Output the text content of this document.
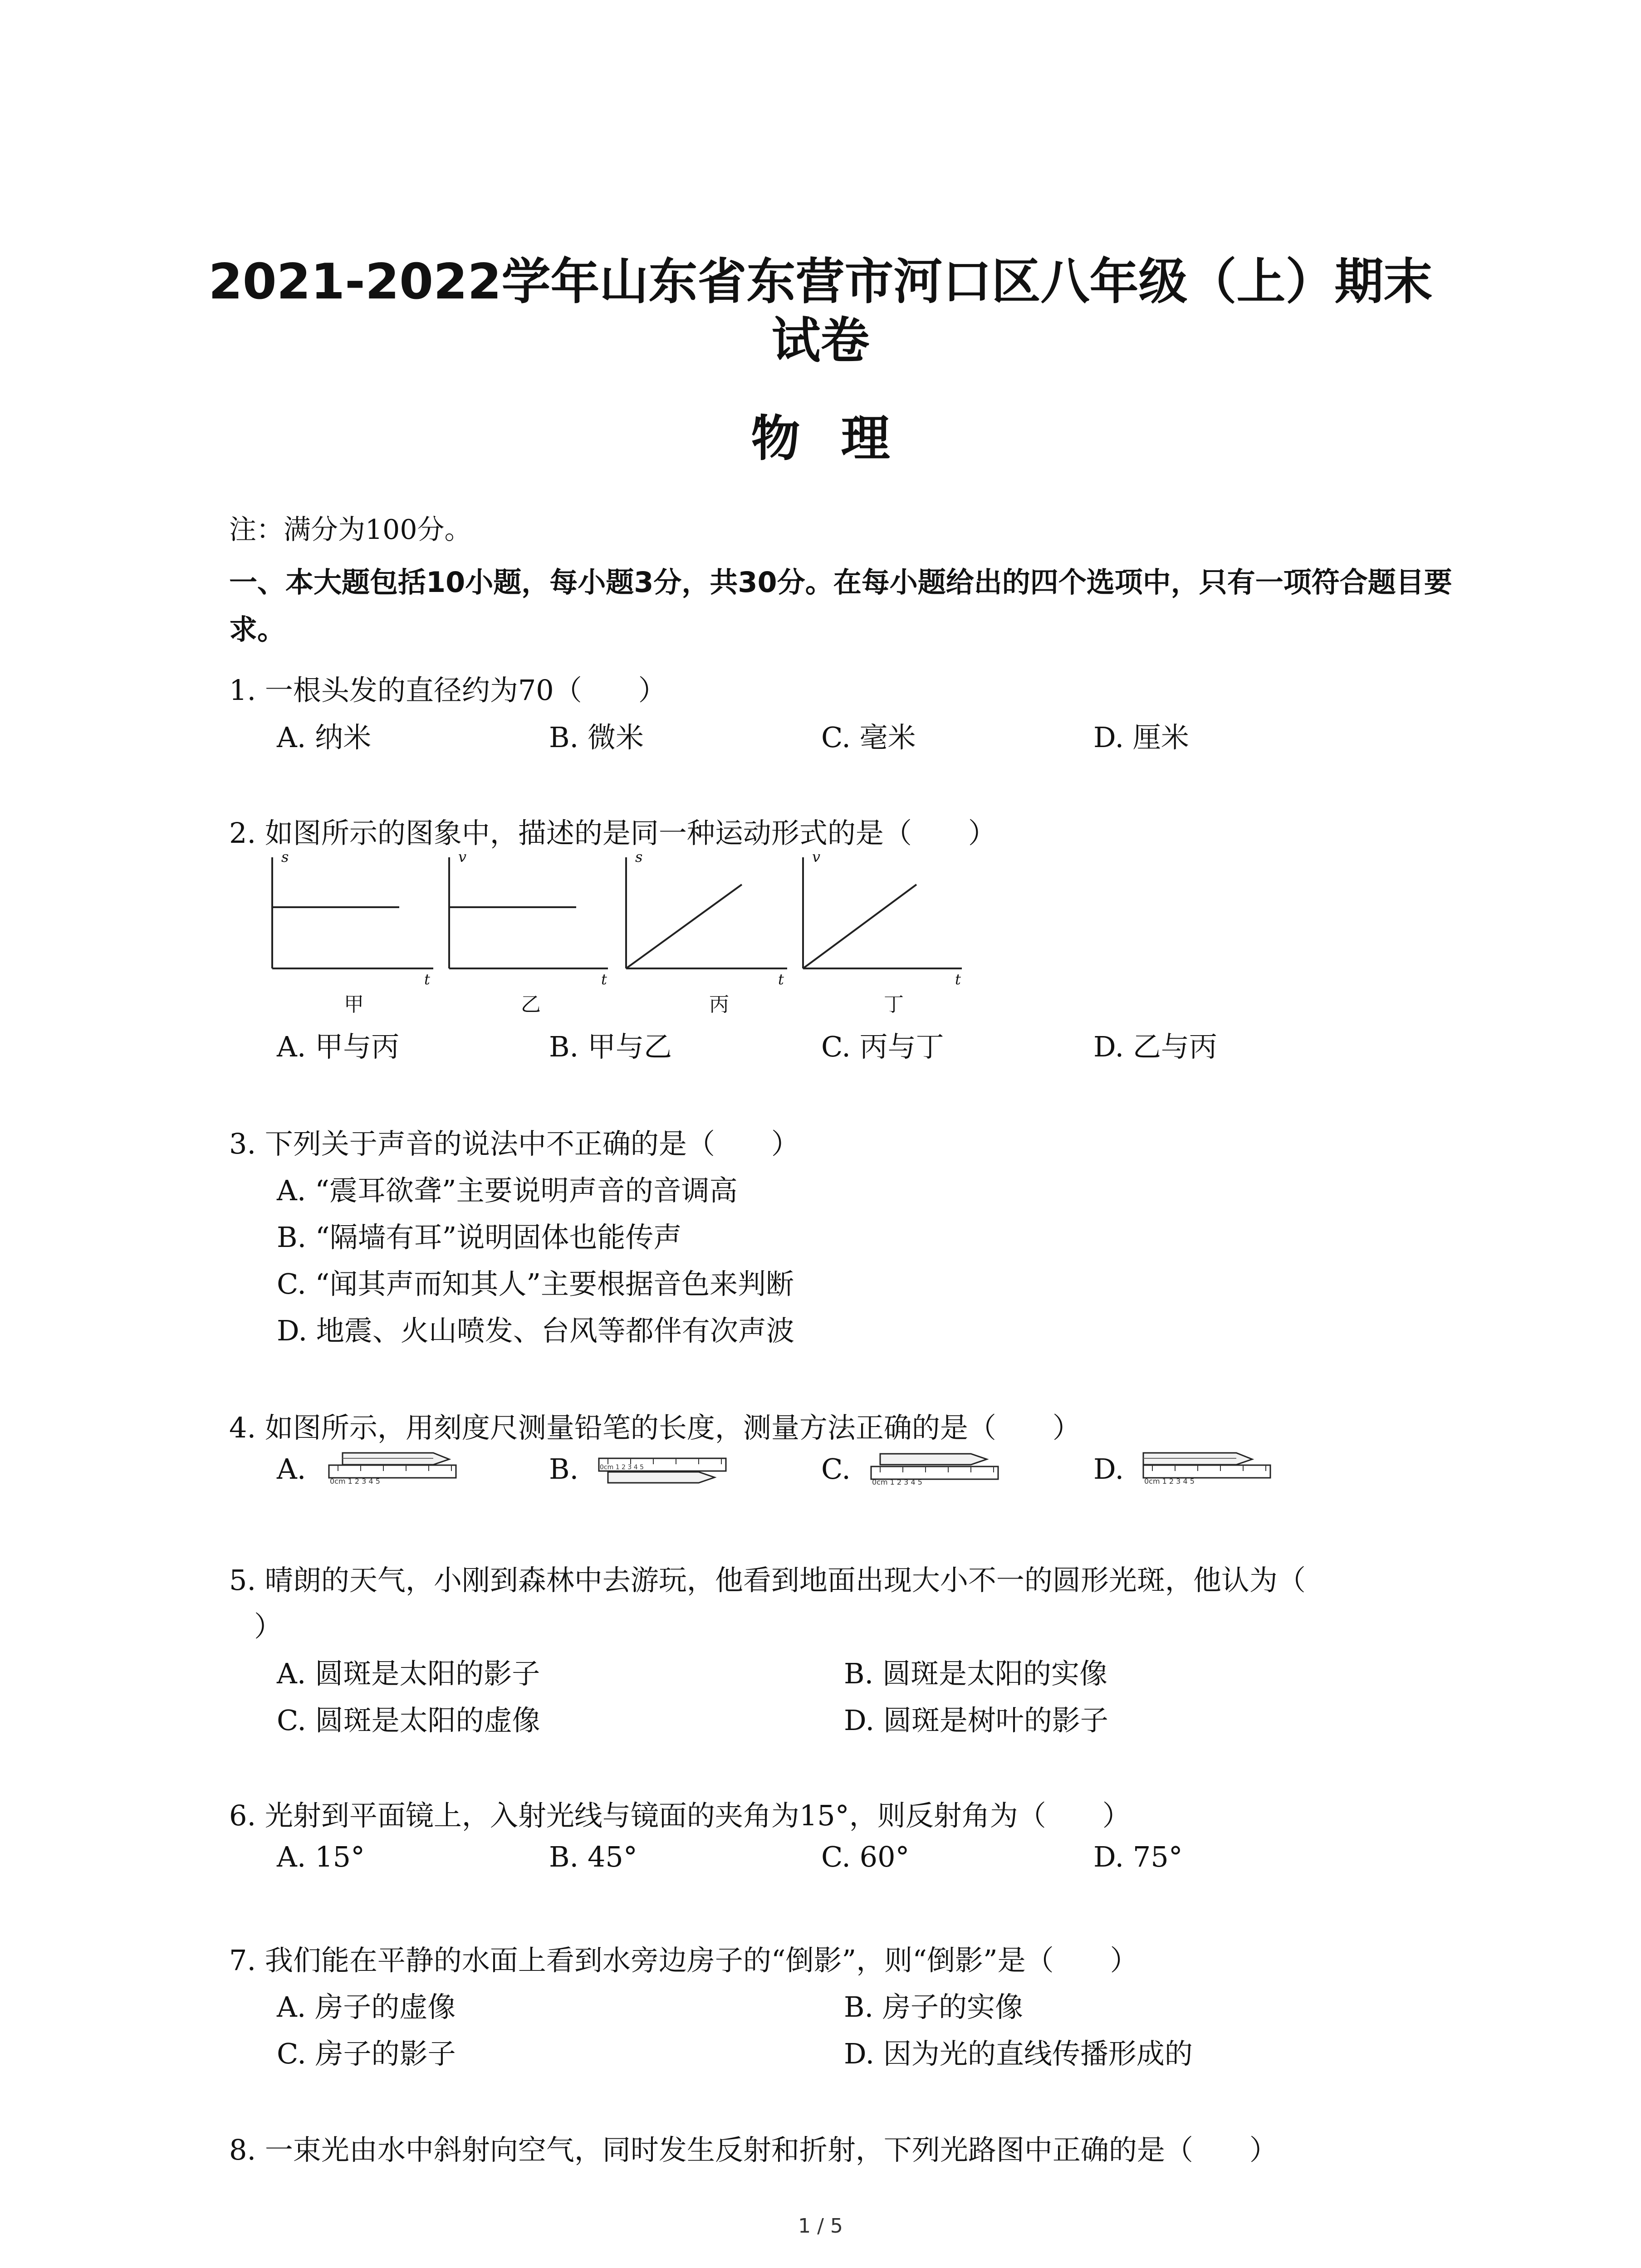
2021-2022学年山东省东营市河口区八年级（上）期末
试卷
物理
注：满分为100分。
一、本大题包括10小题，每小题3分，共30分。在每小题给出的四个选项中，只有一项符合题目要求。
1. 一根头发的直径约为70（　　）
A. 纳米	B. 微米	C. 毫米	D. 厘米
2. 如图所示的图象中，描述的是同一种运动形式的是（　　）
s
t
甲
v
t
乙
s
t
丙
v
t
丁
A. 甲与丙	B. 甲与乙	C. 丙与丁	D. 乙与丙
3. 下列关于声音的说法中不正确的是（　　）
A. “震耳欲聋”主要说明声音的音调高
B. “隔墙有耳”说明固体也能传声
C. “闻其声而知其人”主要根据音色来判断
D. 地震、火山喷发、台风等都伴有次声波
4. 如图所示，用刻度尺测量铅笔的长度，测量方法正确的是（　　）
A.	0cm 1 2 3 4 5	B.	0cm 1 2 3 4 5	C.	0cm 1 2 3 4 5	D.	0cm 1 2 3 4 5
5. 晴朗的天气，小刚到森林中去游玩，他看到地面出现大小不一的圆形光斑，他认为（
）
A. 圆斑是太阳的影子	B. 圆斑是太阳的实像
C. 圆斑是太阳的虚像	D. 圆斑是树叶的影子
6. 光射到平面镜上，入射光线与镜面的夹角为15°，则反射角为（　　）
A. 15°	B. 45°	C. 60°	D. 75°
7. 我们能在平静的水面上看到水旁边房子的“倒影”，则“倒影”是（　　）
A. 房子的虚像	B. 房子的实像
C. 房子的影子	D. 因为光的直线传播形成的
8. 一束光由水中斜射向空气，同时发生反射和折射，下列光路图中正确的是（　　）
1 / 5
